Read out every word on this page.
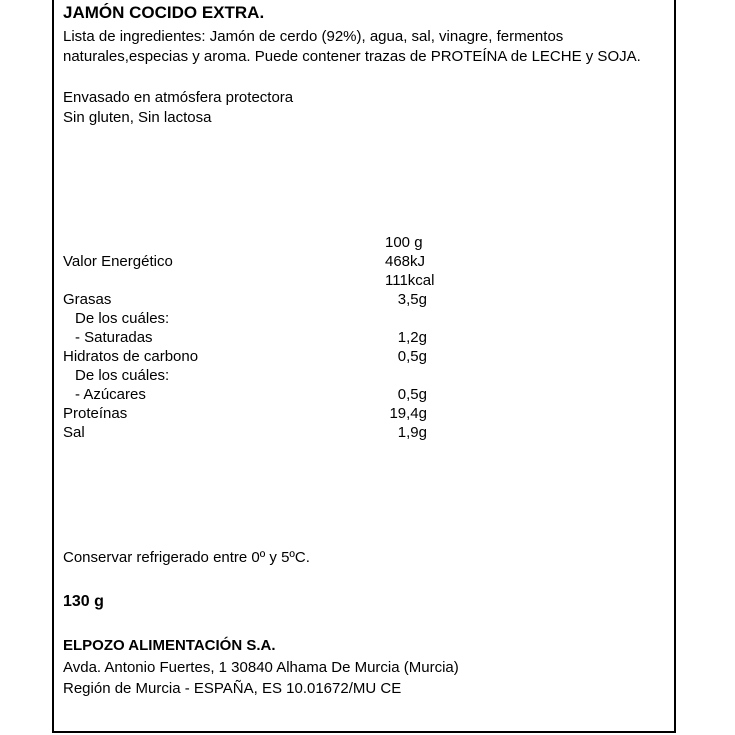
JAMÓN COCIDO EXTRA.
Lista de ingredientes: Jamón de cerdo (92%), agua, sal, vinagre, fermentos naturales,especias y aroma. Puede contener trazas de PROTEÍNA de LECHE y SOJA.
Envasado en atmósfera protectora
Sin gluten, Sin lactosa
100 g
Valor Energético	468kJ
111kcal
Grasas	3,5g
De los cuáles:
- Saturadas	1,2g
Hidratos de carbono	0,5g
De los cuáles:
- Azúcares	0,5g
Proteínas	19,4g
Sal	1,9g
Conservar refrigerado entre 0º y 5ºC.
130 g
ELPOZO ALIMENTACIÓN S.A.
Avda. Antonio Fuertes, 1 30840 Alhama De Murcia (Murcia)
Región de Murcia - ESPAÑA, ES 10.01672/MU CE
